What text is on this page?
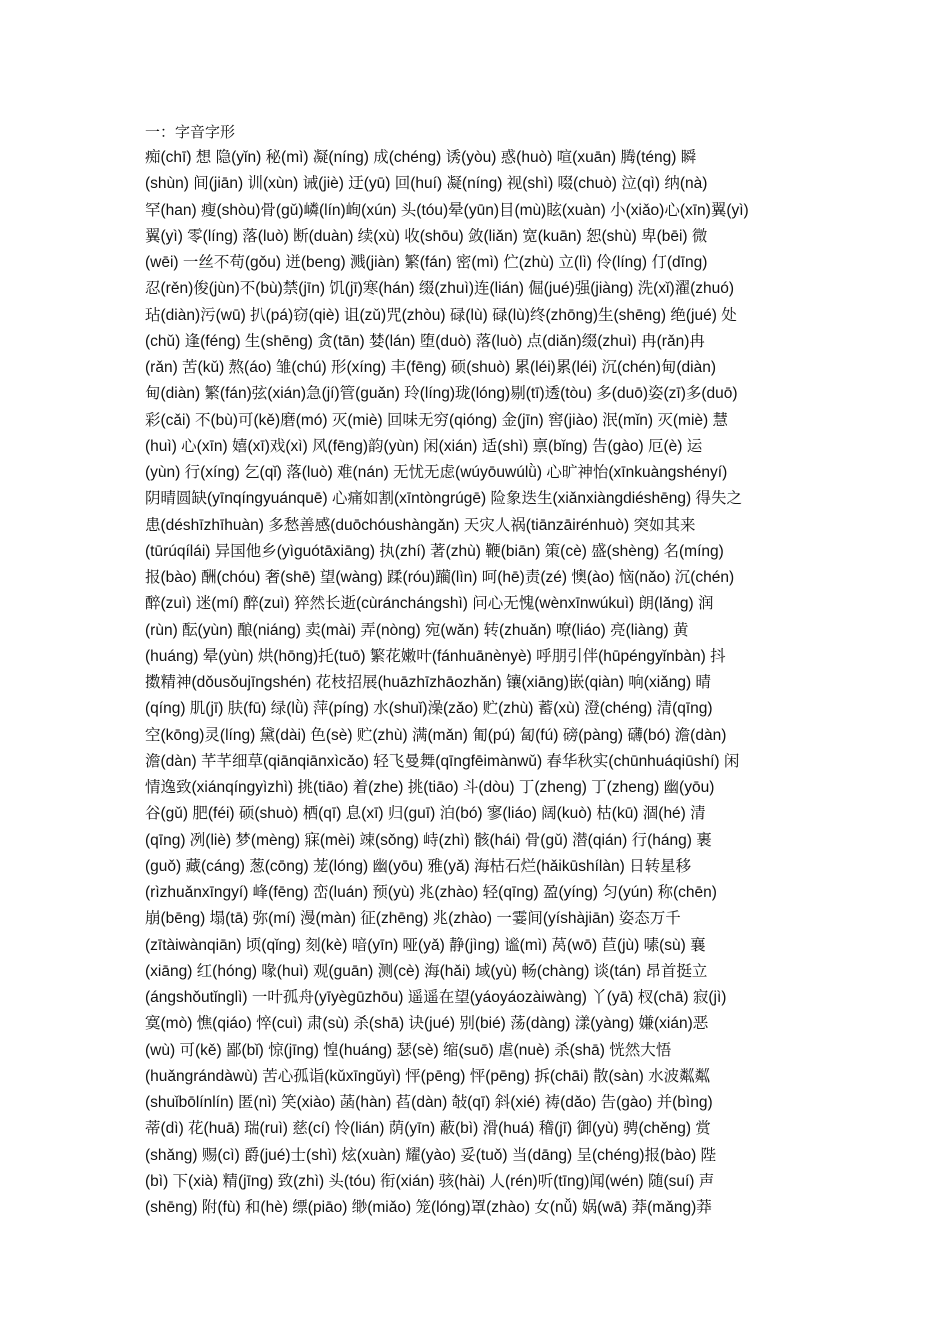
一：字音字形
痴(chī) 想 隐(yǐn) 秘(mì) 凝(níng) 成(chéng) 诱(yòu) 惑(huò) 喧(xuān) 腾(téng) 瞬
(shùn) 间(jiān) 训(xùn) 诫(jiè) 迂(yū) 回(huí) 凝(níng) 视(shì) 啜(chuò) 泣(qì) 纳(nà)
罕(han) 瘦(shòu)骨(gǔ)嶙(lín)峋(xún) 头(tóu)晕(yūn)目(mù)眩(xuàn) 小(xiǎo)心(xīn)翼(yì)
翼(yì) 零(líng) 落(luò) 断(duàn) 续(xù) 收(shōu) 敛(liǎn) 宽(kuān) 恕(shù) 卑(bēi) 微
(wēi) 一丝不苟(gǒu) 迸(beng) 溅(jiàn) 繁(fán) 密(mì) 伫(zhù) 立(lì) 伶(líng) 仃(dīng)
忍(rěn)俊(jùn)不(bù)禁(jīn) 饥(jī)寒(hán) 缀(zhuì)连(lián) 倔(jué)强(jiàng) 洗(xǐ)濯(zhuó)
玷(diàn)污(wū) 扒(pá)窃(qiè) 诅(zǔ)咒(zhòu) 碌(lù) 碌(lù)终(zhōng)生(shēng) 绝(jué) 处
(chǔ) 逢(féng) 生(shēng) 贪(tān) 婪(lán) 堕(duò) 落(luò) 点(diǎn)缀(zhuì) 冉(rǎn)冉
(rǎn) 苦(kǔ) 熬(áo) 雏(chú) 形(xíng) 丰(fēng) 硕(shuò) 累(léi)累(léi) 沉(chén)甸(diàn)
甸(diàn) 繁(fán)弦(xián)急(jí)管(guǎn) 玲(líng)珑(lóng)剔(tī)透(tòu) 多(duō)姿(zī)多(duō)
彩(cǎi) 不(bù)可(kě)磨(mó) 灭(miè) 回味无穷(qióng) 金(jīn) 窖(jiào) 泯(mǐn) 灭(miè) 慧
(huì) 心(xīn) 嬉(xī)戏(xì) 风(fēng)韵(yùn) 闲(xián) 适(shì) 禀(bǐng) 告(gào) 厄(è) 运
(yùn) 行(xíng) 乞(qǐ) 落(luò) 难(nán) 无忧无虑(wúyōuwúlǜ) 心旷神怡(xīnkuàngshényí)
阴晴圆缺(yīnqíngyuánquē) 心痛如割(xīntòngrúgē) 险象迭生(xiǎnxiàngdiéshēng) 得失之
患(déshīzhīhuàn) 多愁善感(duōchóushàngǎn) 天灾人祸(tiānzāirénhuò) 突如其来
(tūrúqílái) 异国他乡(yìguótāxiāng) 执(zhí) 著(zhù) 鞭(biān) 策(cè) 盛(shèng) 名(míng)
报(bào) 酬(chóu) 奢(shē) 望(wàng) 蹂(róu)躏(lìn) 呵(hē)责(zé) 懊(ào) 恼(nǎo) 沉(chén)
醉(zuì) 迷(mí) 醉(zuì) 猝然长逝(cùránchángshì) 问心无愧(wènxīnwúkuì) 朗(lǎng) 润
(rùn) 酝(yùn) 酿(niáng) 卖(mài) 弄(nòng) 宛(wǎn) 转(zhuǎn) 嘹(liáo) 亮(liàng) 黄
(huáng) 晕(yùn) 烘(hōng)托(tuō) 繁花嫩叶(fánhuānènyè) 呼朋引伴(hūpéngyǐnbàn) 抖
擞精神(dǒusǒujīngshén) 花枝招展(huāzhīzhāozhǎn) 镶(xiāng)嵌(qiàn) 响(xiǎng) 晴
(qíng) 肌(jī) 肤(fū) 绿(lǜ) 萍(píng) 水(shuǐ)澡(zǎo) 贮(zhù) 蓄(xù) 澄(chéng) 清(qīng)
空(kōng)灵(líng) 黛(dài) 色(sè) 贮(zhù) 满(mǎn) 匍(pú) 匐(fú) 磅(pàng) 礴(bó) 澹(dàn)
澹(dàn) 芊芊细草(qiānqiānxìcǎo) 轻飞曼舞(qīngfēimànwǔ) 春华秋实(chūnhuáqiūshí) 闲
情逸致(xiánqíngyìzhì) 挑(tiāo) 着(zhe) 挑(tiāo) 斗(dòu) 丁(zheng) 丁(zheng) 幽(yōu)
谷(gǔ) 肥(féi) 硕(shuò) 栖(qī) 息(xī) 归(guī) 泊(bó) 寥(liáo) 阔(kuò) 枯(kū) 涸(hé) 清
(qīng) 冽(liè) 梦(mèng) 寐(mèi) 竦(sǒng) 峙(zhì) 骸(hái) 骨(gǔ) 潜(qián) 行(háng) 裹
(guǒ) 藏(cáng) 葱(cōng) 茏(lóng) 幽(yōu) 雅(yǎ) 海枯石烂(hǎikūshílàn) 日转星移
(rìzhuǎnxīngyí) 峰(fēng) 峦(luán) 预(yù) 兆(zhào) 轻(qīng) 盈(yíng) 匀(yún) 称(chēn)
崩(bēng) 塌(tā) 弥(mí) 漫(màn) 征(zhēng) 兆(zhào) 一霎间(yíshàjiān) 姿态万千
(zītàiwànqiān) 顷(qǐng) 刻(kè) 喑(yīn) 哑(yǎ) 静(jìng) 谧(mì) 莴(wō) 苣(jù) 嗉(sù) 襄
(xiāng) 红(hóng) 喙(huì) 观(guān) 测(cè) 海(hǎi) 域(yù) 畅(chàng) 谈(tán) 昂首挺立
(ángshǒutǐnglì) 一叶孤舟(yīyègūzhōu) 遥遥在望(yáoyáozàiwàng) 丫(yā) 杈(chā) 寂(jì)
寞(mò) 憔(qiáo) 悴(cuì) 肃(sù) 杀(shā) 诀(jué) 别(bié) 荡(dàng) 漾(yàng) 嫌(xián)恶
(wù) 可(kě) 鄙(bǐ) 惊(jīng) 惶(huáng) 瑟(sè) 缩(suō) 虐(nuè) 杀(shā) 恍然大悟
(huǎngrándàwù) 苦心孤诣(kǔxīngǔyì) 怦(pēng) 怦(pēng) 拆(chāi) 散(sàn) 水波粼粼
(shuǐbōlínlín) 匿(nì) 笑(xiào) 菡(hàn) 萏(dàn) 敧(qī) 斜(xié) 祷(dǎo) 告(gào) 并(bìng)
蒂(dì) 花(huā) 瑞(ruì) 慈(cí) 怜(lián) 荫(yīn) 蔽(bì) 滑(huá) 稽(jī) 御(yù) 骋(chěng) 赏
(shǎng) 赐(cì) 爵(jué)士(shì) 炫(xuàn) 耀(yào) 妥(tuǒ) 当(dāng) 呈(chéng)报(bào) 陛
(bì) 下(xià) 精(jīng) 致(zhì) 头(tóu) 衔(xián) 骇(hài) 人(rén)听(tīng)闻(wén) 随(suí) 声
(shēng) 附(fù) 和(hè) 缥(piāo) 缈(miǎo) 笼(lóng)罩(zhào) 女(nǚ) 娲(wā) 莽(mǎng)莽
